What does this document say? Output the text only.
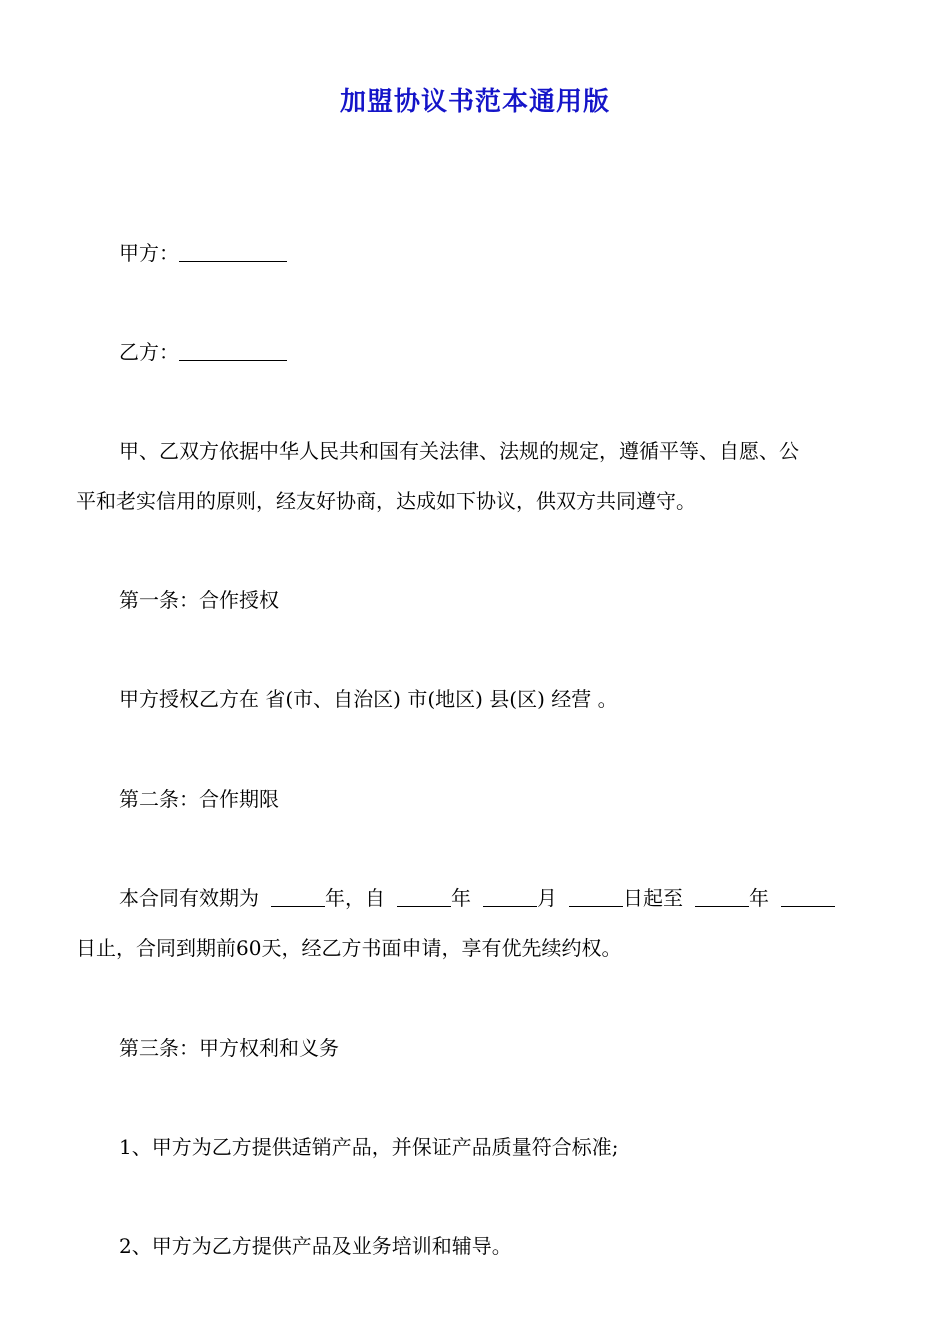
加盟协议书范本通用版
甲方：
乙方：
甲、乙双方依据中华人民共和国有关法律、法规的规定，遵循平等、自愿、公
平和老实信用的原则，经友好协商，达成如下协议，供双方共同遵守。
第一条：合作授权
甲方授权乙方在 省(市、自治区) 市(地区) 县(区) 经营 。
第二条：合作期限
本合同有效期为	年，自	年	月	日起至	年
日止，合同到期前60天，经乙方书面申请，享有优先续约权。
第三条：甲方权利和义务
1、甲方为乙方提供适销产品，并保证产品质量符合标准;
2、甲方为乙方提供产品及业务培训和辅导。
